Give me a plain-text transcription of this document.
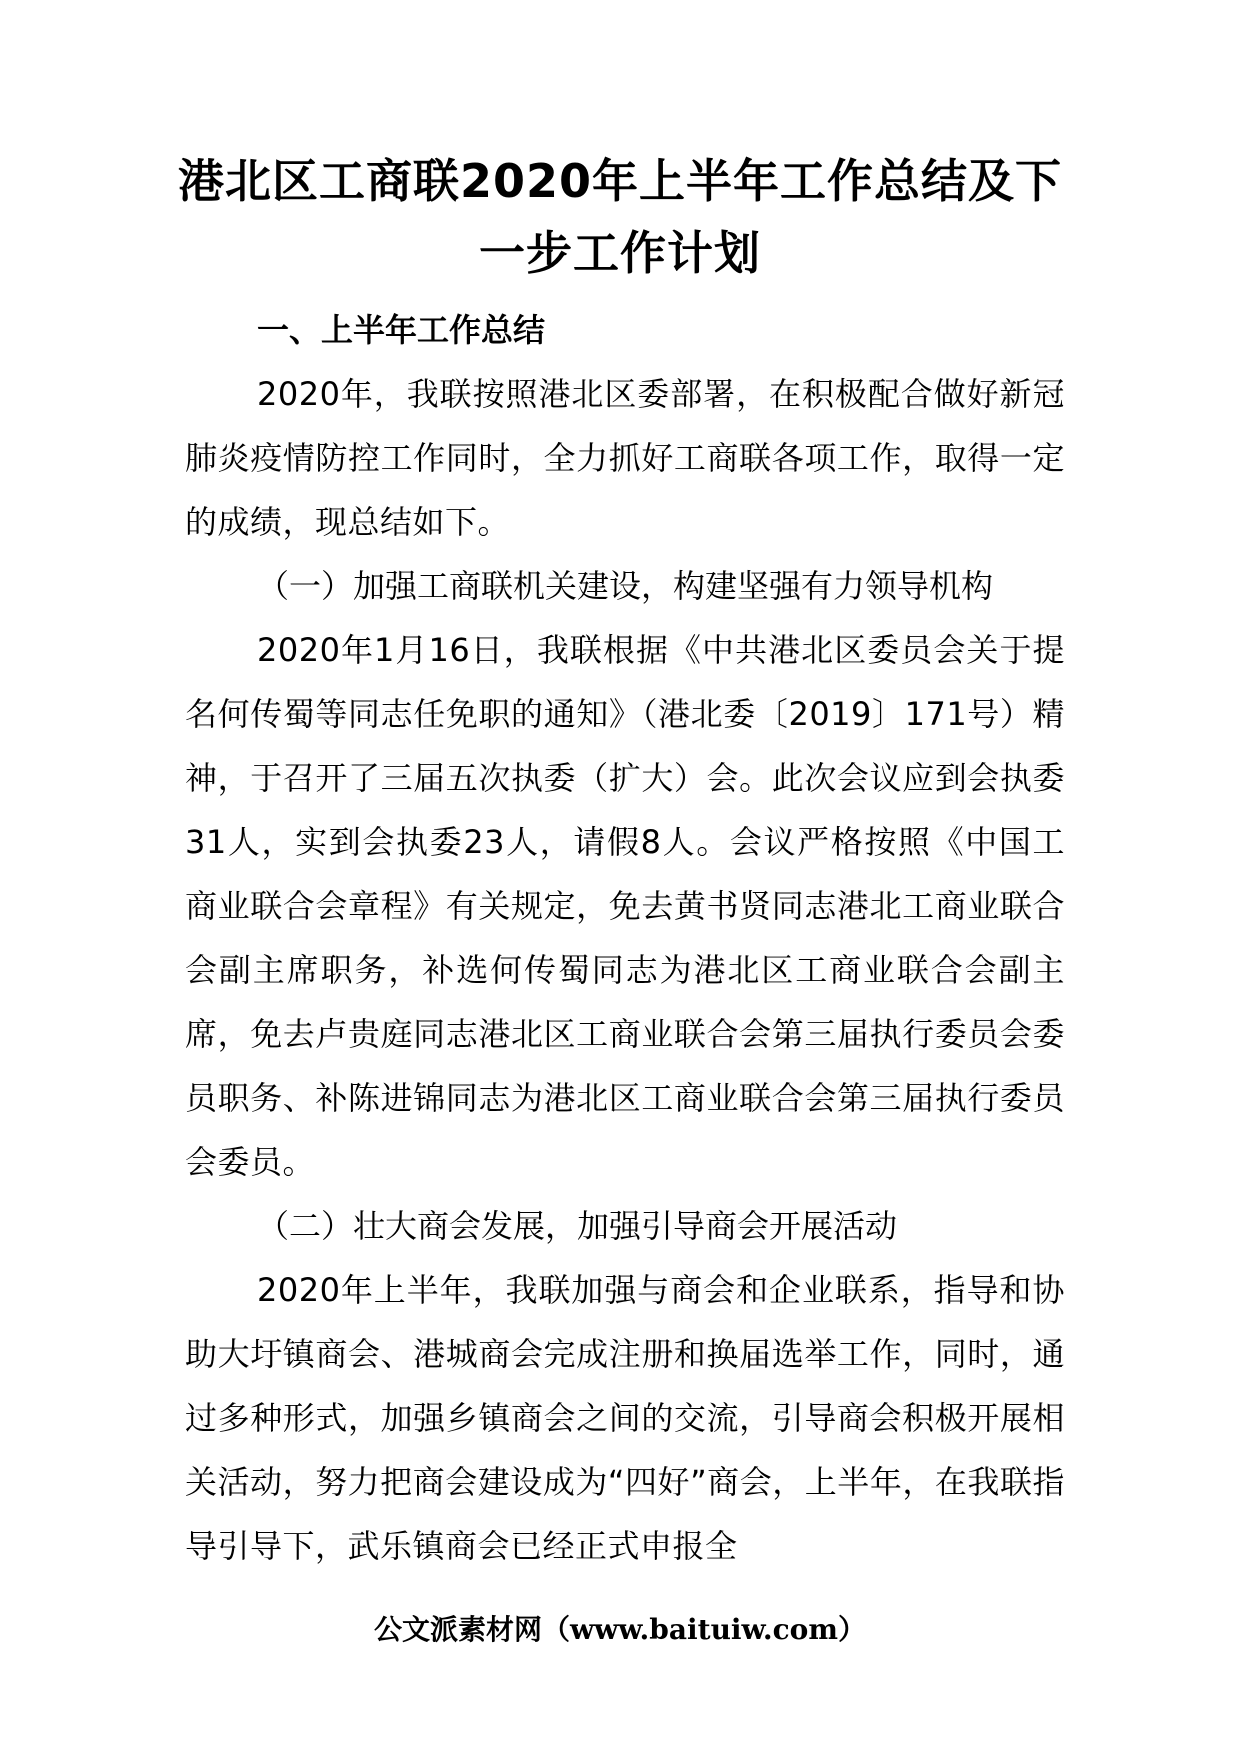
港北区工商联2020年上半年工作总结及下
一步工作计划

一、上半年工作总结

2020年，我联按照港北区委部署，在积极配合做好新冠肺炎疫情防控工作同时，全力抓好工商联各项工作，取得一定的成绩，现总结如下。

（一）加强工商联机关建设，构建坚强有力领导机构

2020年1月16日，我联根据《中共港北区委员会关于提名何传蜀等同志任免职的通知》（港北委〔2019〕171号）精神，于召开了三届五次执委（扩大）会。此次会议应到会执委31人，实到会执委23人，请假8人。会议严格按照《中国工商业联合会章程》有关规定，免去黄书贤同志港北工商业联合会副主席职务，补选何传蜀同志为港北区工商业联合会副主席，免去卢贵庭同志港北区工商业联合会第三届执行委员会委员职务、补陈进锦同志为港北区工商业联合会第三届执行委员会委员。

（二）壮大商会发展，加强引导商会开展活动

2020年上半年，我联加强与商会和企业联系，指导和协助大圩镇商会、港城商会完成注册和换届选举工作，同时，通过多种形式，加强乡镇商会之间的交流，引导商会积极开展相关活动，努力把商会建设成为“四好”商会，上半年，在我联指导引导下，武乐镇商会已经正式申报全

公文派素材网（www.baituiw.com）
